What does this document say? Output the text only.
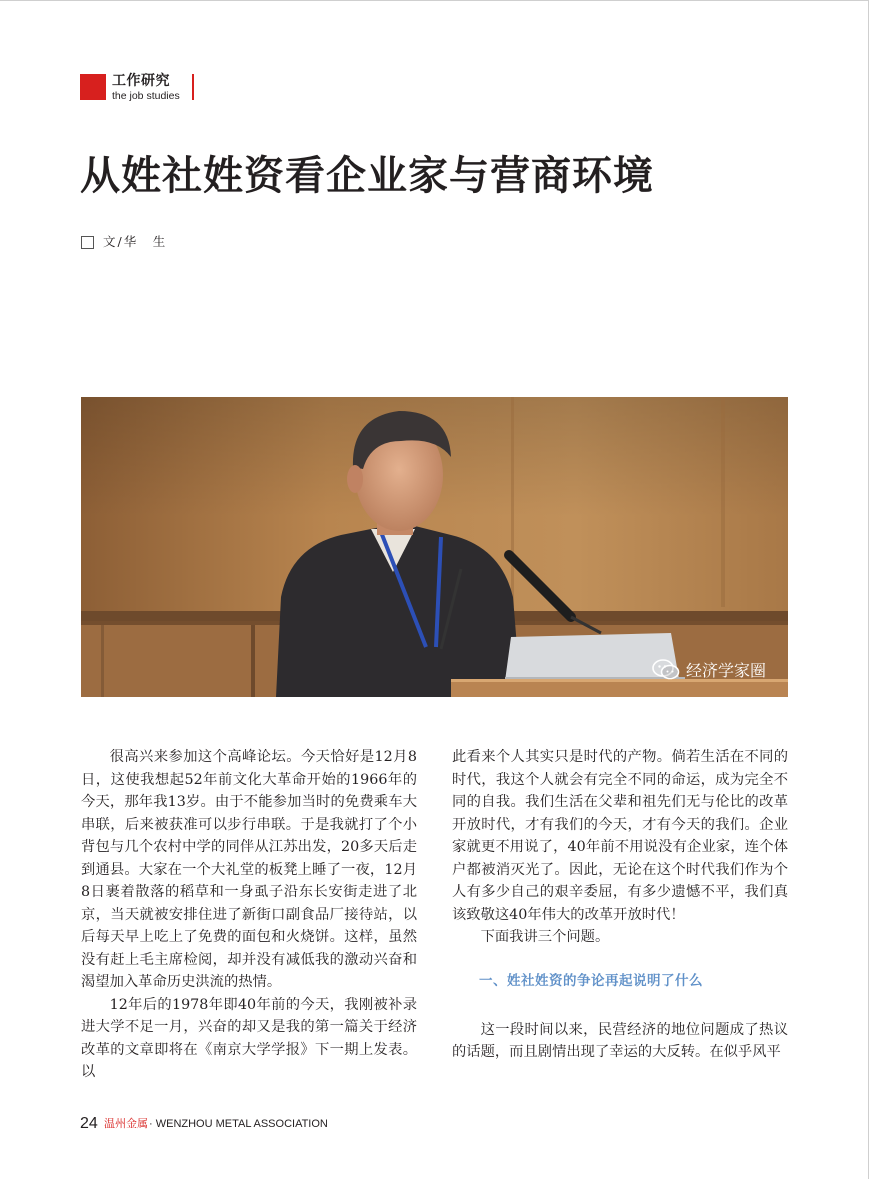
工作研究
the job studies
从姓社姓资看企业家与营商环境
文/华　生
经济学家圈

很高兴来参加这个高峰论坛。今天恰好是12月8日，这使我想起52年前文化大革命开始的1966年的今天，那年我13岁。由于不能参加当时的免费乘车大串联，后来被获准可以步行串联。于是我就打了个小背包与几个农村中学的同伴从江苏出发，20多天后走到通县。大家在一个大礼堂的板凳上睡了一夜，12月8日裹着散落的稻草和一身虱子沿东长安街走进了北京，当天就被安排住进了新街口副食品厂接待站，以后每天早上吃上了免费的面包和火烧饼。这样，虽然没有赶上毛主席检阅，却并没有减低我的激动兴奋和渴望加入革命历史洪流的热情。

12年后的1978年即40年前的今天，我刚被补录进大学不足一月，兴奋的却又是我的第一篇关于经济改革的文章即将在《南京大学学报》下一期上发表。以

此看来个人其实只是时代的产物。倘若生活在不同的时代，我这个人就会有完全不同的命运，成为完全不同的自我。我们生活在父辈和祖先们无与伦比的改革开放时代，才有我们的今天，才有今天的我们。企业家就更不用说了，40年前不用说没有企业家，连个体户都被消灭光了。因此，无论在这个时代我们作为个人有多少自己的艰辛委屈，有多少遗憾不平，我们真该致敬这40年伟大的改革开放时代！

下面我讲三个问题。

一、姓社姓资的争论再起说明了什么

这一段时间以来，民营经济的地位问题成了热议的话题，而且剧情出现了幸运的大反转。在似乎风平

24 温州金属 · WENZHOU METAL ASSOCIATION
